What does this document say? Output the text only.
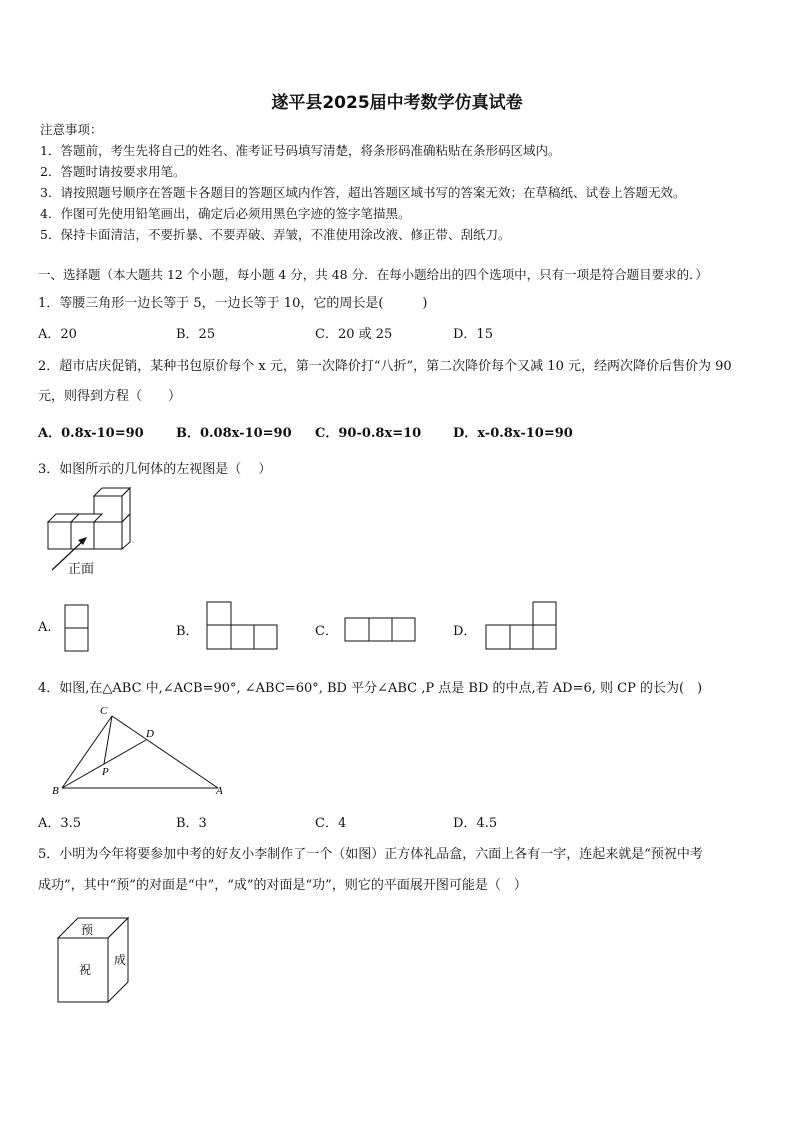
遂平县2025届中考数学仿真试卷
注意事项：
1．答题前，考生先将自己的姓名、准考证号码填写清楚，将条形码准确粘贴在条形码区域内。
2．答题时请按要求用笔。
3．请按照题号顺序在答题卡各题目的答题区域内作答，超出答题区域书写的答案无效；在草稿纸、试卷上答题无效。
4．作图可先使用铅笔画出，确定后必须用黑色字迹的签字笔描黑。
5．保持卡面清洁，不要折暴、不要弄破、弄皱，不准使用涂改液、修正带、刮纸刀。
一、选择题（本大题共 12 个小题，每小题 4 分，共 48 分．在每小题给出的四个选项中，只有一项是符合题目要求的．）
1．等腰三角形一边长等于 5，一边长等于 10，它的周长是(　　　)
A．20	B．25	C．20 或 25	D．15
2．超市店庆促销，某种书包原价每个 x 元，第一次降价打“八折”，第二次降价每个又减 10 元，经两次降价后售价为 90
元，则得到方程（　　）
A．0.8x-10=90 B．0.08x-10=90 C．90-0.8x=10 D．x-0.8x-10=90
3．如图所示的几何体的左视图是（　 ）
正面
A.	B．	C．	D．
4．如图,在△ABC 中,∠ACB=90°, ∠ABC=60°, BD 平分∠ABC ,P 点是 BD 的中点,若 AD=6, 则 CP 的长为(　)
C
D
P
B	A
A．3.5	B．3	C．4	D．4.5
5．小明为今年将要参加中考的好友小李制作了一个（如图）正方体礼品盒，六面上各有一字，连起来就是“预祝中考
成功”，其中“预”的对面是“中”，“成”的对面是“功”，则它的平面展开图可能是（　）
预
祝
成
